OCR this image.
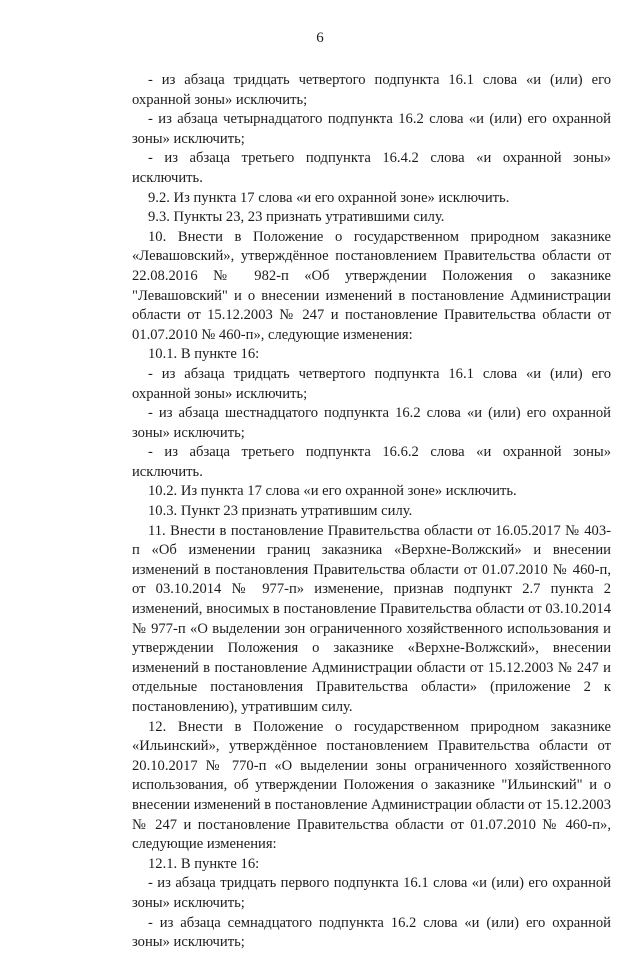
6

- из абзаца тридцать четвертого подпункта 16.1 слова «и (или) его охранной зоны» исключить;

- из абзаца четырнадцатого подпункта 16.2 слова «и (или) его охранной зоны» исключить;

- из абзаца третьего подпункта 16.4.2 слова «и охранной зоны» исключить.

9.2. Из пункта 17 слова «и его охранной зоне» исключить.

9.3. Пункты 23, 23 признать утратившими силу.

10. Внести в Положение о государственном природном заказнике «Левашовский», утверждённое постановлением Правительства области от 22.08.2016 № 982-п «Об утверждении Положения о заказнике "Левашовский" и о внесении изменений в постановление Администрации области от 15.12.2003 № 247 и постановление Правительства области от 01.07.2010 № 460-п», следующие изменения:

10.1. В пункте 16:

- из абзаца тридцать четвертого подпункта 16.1 слова «и (или) его охранной зоны» исключить;

- из абзаца шестнадцатого подпункта 16.2 слова «и (или) его охранной зоны» исключить;

- из абзаца третьего подпункта 16.6.2 слова «и охранной зоны» исключить.

10.2. Из пункта 17 слова «и его охранной зоне» исключить.

10.3. Пункт 23 признать утратившим силу.

11. Внести в постановление Правительства области от 16.05.2017 № 403-п «Об изменении границ заказника «Верхне-Волжский» и внесении изменений в постановления Правительства области от 01.07.2010 № 460-п, от 03.10.2014 № 977-п» изменение, признав подпункт 2.7 пункта 2 изменений, вносимых в постановление Правительства области от 03.10.2014 № 977-п «О выделении зон ограниченного хозяйственного использования и утверждении Положения о заказнике «Верхне-Волжский», внесении изменений в постановление Администрации области от 15.12.2003 № 247 и отдельные постановления Правительства области» (приложение 2 к постановлению), утратившим силу.

12. Внести в Положение о государственном природном заказнике «Ильинский», утверждённое постановлением Правительства области от 20.10.2017 № 770-п «О выделении зоны ограниченного хозяйственного использования, об утверждении Положения о заказнике "Ильинский" и о внесении изменений в постановление Администрации области от 15.12.2003 № 247 и постановление Правительства области от 01.07.2010 № 460-п», следующие изменения:

12.1. В пункте 16:

- из абзаца тридцать первого подпункта 16.1 слова «и (или) его охранной зоны» исключить;

- из абзаца семнадцатого подпункта 16.2 слова «и (или) его охранной зоны» исключить;
